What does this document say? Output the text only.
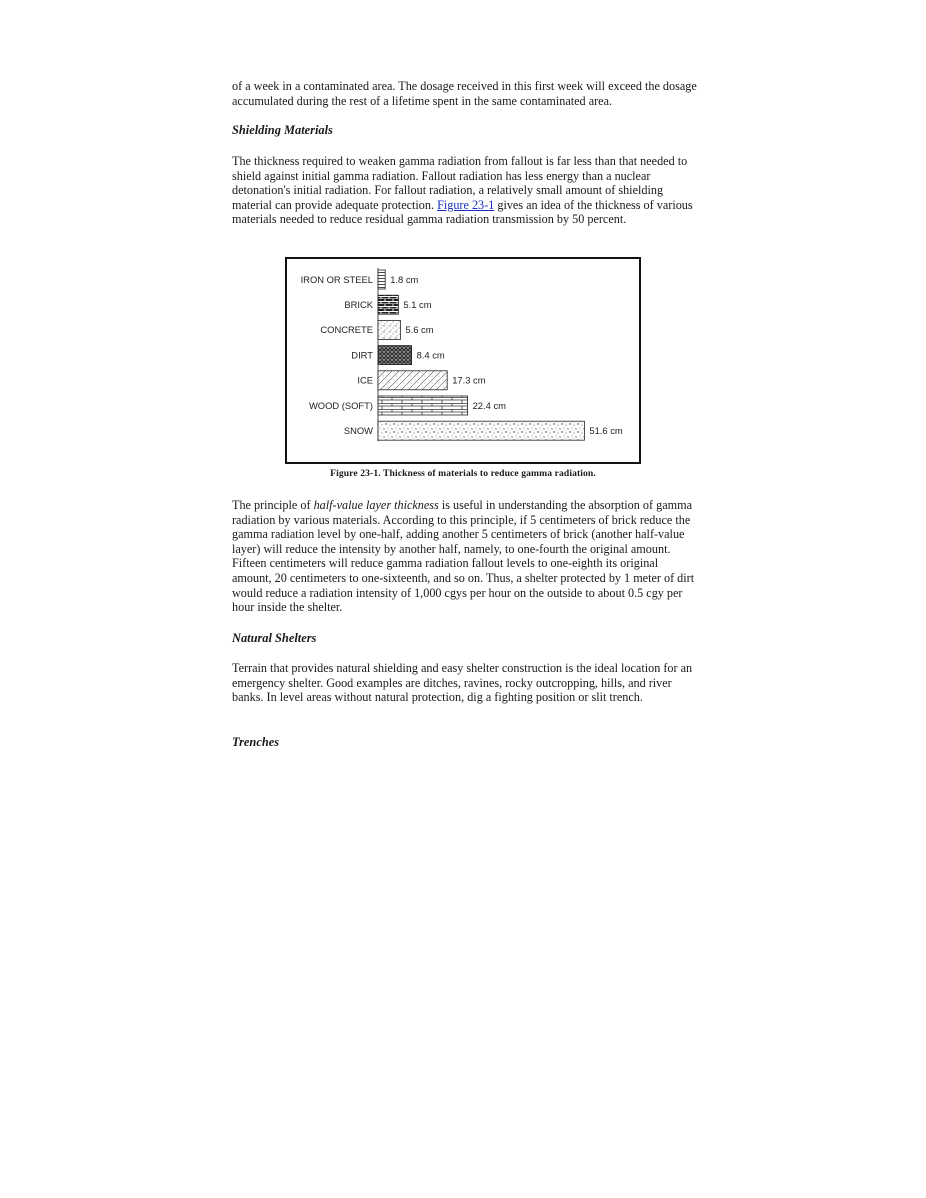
of a week in a contaminated area. The dosage received in this first week will exceed the dosage accumulated during the rest of a lifetime spent in the same contaminated area.

Shielding Materials

The thickness required to weaken gamma radiation from fallout is far less than that needed to shield against initial gamma radiation. Fallout radiation has less energy than a nuclear detonation's initial radiation. For fallout radiation, a relatively small amount of shielding material can provide adequate protection. Figure 23-1 gives an idea of the thickness of various materials needed to reduce residual gamma radiation transmission by 50 percent.

IRON OR STEEL 1.8 cm
BRICK	5.1 cm
CONCRETE	5.6 cm
DIRT	8.4 cm
ICE	17.3 cm
WOOD (SOFT)	22.4 cm
SNOW	51.6 cm
Figure 23-1. Thickness of materials to reduce gamma radiation.

The principle of half-value layer thickness is useful in understanding the absorption of gamma radiation by various materials. According to this principle, if 5 centimeters of brick reduce the gamma radiation level by one-half, adding another 5 centimeters of brick (another half-value layer) will reduce the intensity by another half, namely, to one-fourth the original amount. Fifteen centimeters will reduce gamma radiation fallout levels to one-eighth its original amount, 20 centimeters to one-sixteenth, and so on. Thus, a shelter protected by 1 meter of dirt would reduce a radiation intensity of 1,000 cgys per hour on the outside to about 0.5 cgy per hour inside the shelter.

Natural Shelters

Terrain that provides natural shielding and easy shelter construction is the ideal location for an emergency shelter. Good examples are ditches, ravines, rocky outcropping, hills, and river banks. In level areas without natural protection, dig a fighting position or slit trench.

Trenches
